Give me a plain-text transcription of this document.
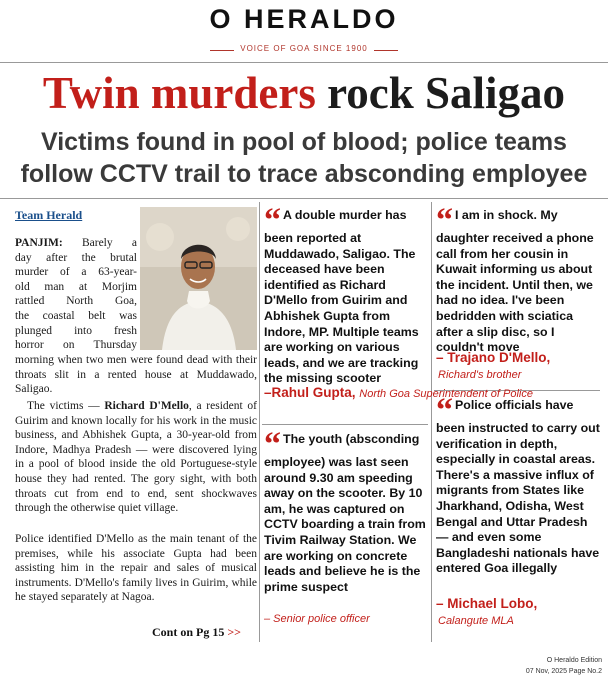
O HERALDO
VOICE OF GOA SINCE 1900
Twin murders rock Saligao
Victims found in pool of blood; police teams
follow CCTV trail to trace absconding employee
Team Herald
PANJIM: Barely a
day after the brutal
murder of a 63-year-
old man at Morjim
rattled North Goa,
the coastal belt was
plunged into fresh
horror on Thursday
morning when two men were found dead with their throats slit in a rented house at Muddawado, Saligao.
The victims — Richard D'Mello, a resident of Guirim and known locally for his work in the music business, and Abhishek Gupta, a 30-year-old from Indore, Madhya Pradesh — were discovered lying in a pool of blood inside the old Portuguese-style house they had rented. The gory sight, with both throats cut from end to end, sent shockwaves through the otherwise quiet village.
Police identified D'Mello as the main tenant of the premises, while his associate Gupta had been assisting him in the repair and sales of musical instruments. D'Mello's family lives in Guirim, while he stayed separately at Nagoa.
Cont on Pg 15 >>
“ A double murder has been reported at Muddawado, Saligao. The deceased have been identified as Richard D'Mello from Guirim and Abhishek Gupta from Indore, MP. Multiple teams are working on various leads, and we are tracking the missing scooter
–Rahul Gupta, North Goa Superintendent of Police
“ The youth (absconding employee) was last seen around 9.30 am speeding away on the scooter. By 10 am, he was captured on CCTV boarding a train from Tivim Railway Station. We are working on concrete leads and believe he is the prime suspect
– Senior police officer
“ I am in shock. My daughter received a phone call from her cousin in Kuwait informing us about the incident. Until then, we had no idea. I've been bedridden with sciatica after a slip disc, so I couldn't move
– Trajano D'Mello,
Richard's brother
“ Police officials have been instructed to carry out verification in depth, especially in coastal areas. There's a massive influx of migrants from States like Jharkhand, Odisha, West Bengal and Uttar Pradesh — and even some Bangladeshi nationals have entered Goa illegally
– Michael Lobo,
Calangute MLA
O Heraldo Edition
07 Nov, 2025 Page No.2
